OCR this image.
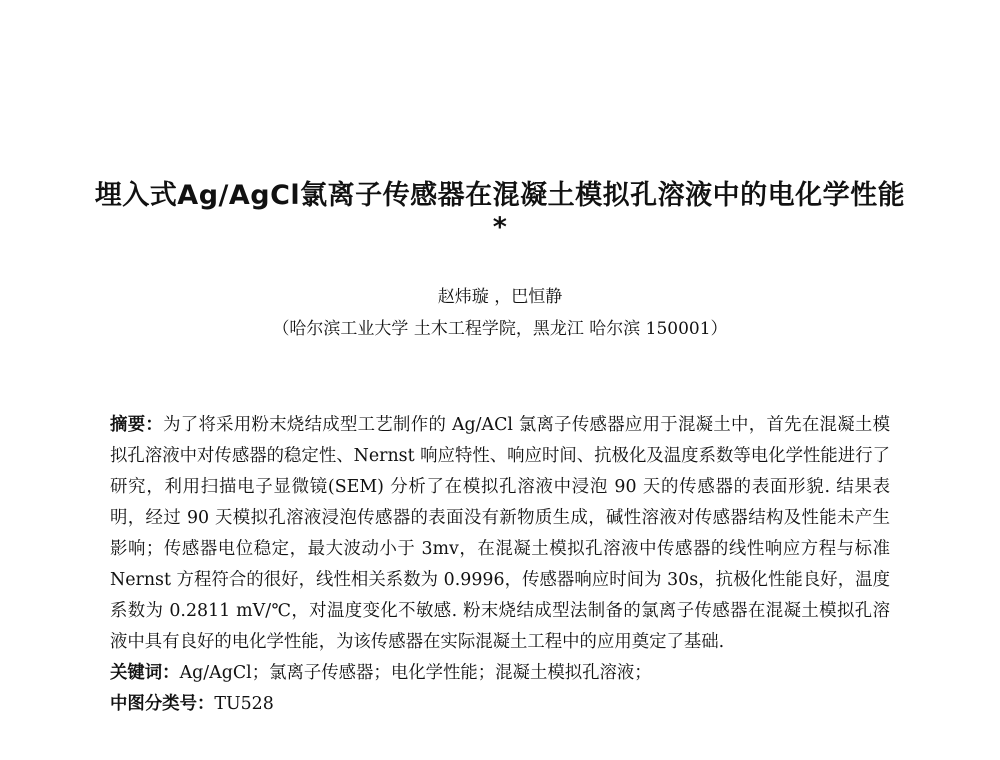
埋入式Ag/AgCl氯离子传感器在混凝土模拟孔溶液中的电化学性能*
赵炜璇 ，巴恒静
（哈尔滨工业大学 土木工程学院，黑龙江 哈尔滨 150001）

摘要：为了将采用粉末烧结成型工艺制作的 Ag/ACl 氯离子传感器应用于混凝土中，首先在混凝土模拟孔溶液中对传感器的稳定性、Nernst 响应特性、响应时间、抗极化及温度系数等电化学性能进行了研究，利用扫描电子显微镜(SEM) 分析了在模拟孔溶液中浸泡 90 天的传感器的表面形貌. 结果表明，经过 90 天模拟孔溶液浸泡传感器的表面没有新物质生成，碱性溶液对传感器结构及性能未产生影响；传感器电位稳定，最大波动小于 3mv，在混凝土模拟孔溶液中传感器的线性响应方程与标准 Nernst 方程符合的很好，线性相关系数为 0.9996，传感器响应时间为 30s，抗极化性能良好，温度系数为 0.2811 mV/℃，对温度变化不敏感. 粉末烧结成型法制备的氯离子传感器在混凝土模拟孔溶液中具有良好的电化学性能，为该传感器在实际混凝土工程中的应用奠定了基础.

关键词：Ag/AgCl；氯离子传感器；电化学性能；混凝土模拟孔溶液；

中图分类号：TU528
